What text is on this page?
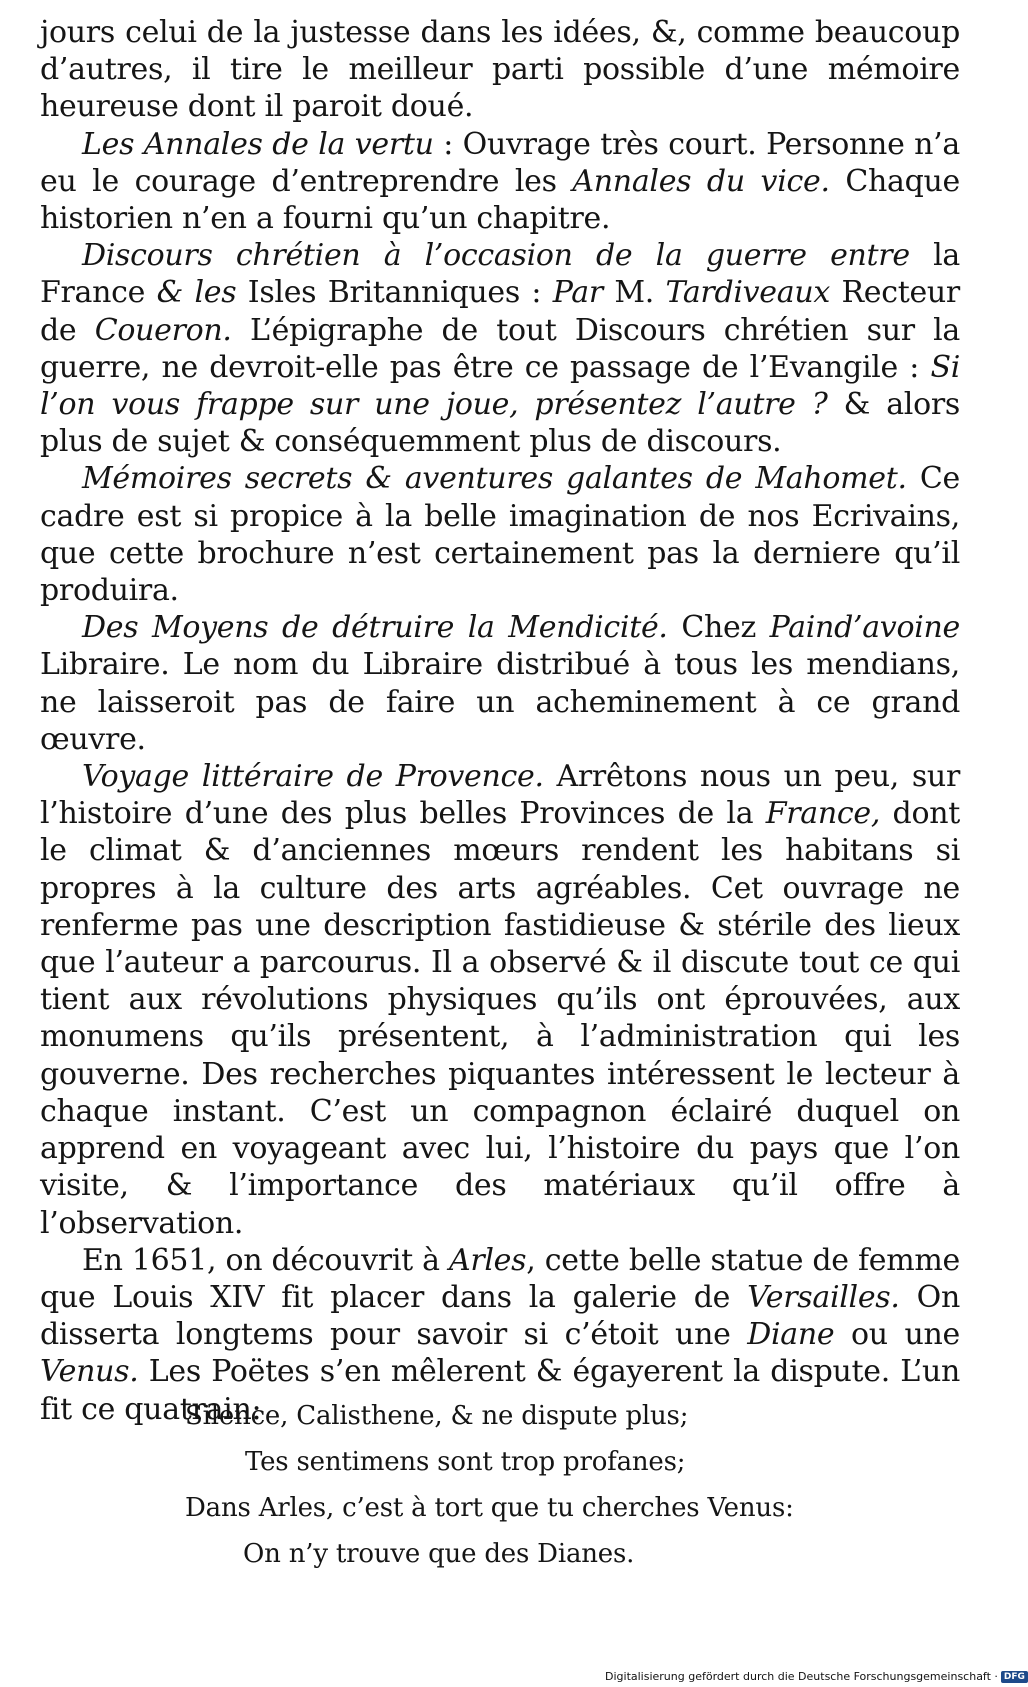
jours celui de la justesse dans les idées, &, comme beaucoup d’autres, il tire le meilleur parti possible d’une mémoire heureuse dont il paroit doué.

Les Annales de la vertu : Ouvrage très court. Personne n’a eu le courage d’entreprendre les Annales du vice. Chaque historien n’en a fourni qu’un chapitre.

Discours chrétien à l’occasion de la guerre entre la France & les Isles Britanniques : Par M. Tardiveaux Recteur de Coueron. L’épigraphe de tout Discours chrétien sur la guerre, ne devroit-elle pas être ce passage de l’Evangile : Si l’on vous frappe sur une joue, présentez l’autre ? & alors plus de sujet & conséquemment plus de discours.

Mémoires secrets & aventures galantes de Mahomet. Ce cadre est si propice à la belle imagination de nos Ecrivains, que cette brochure n’est certainement pas la derniere qu’il produira.

Des Moyens de détruire la Mendicité. Chez Paind’avoine Libraire. Le nom du Libraire distribué à tous les mendians, ne laisseroit pas de faire un acheminement à ce grand œuvre.

Voyage littéraire de Provence. Arrêtons nous un peu, sur l’histoire d’une des plus belles Provinces de la France, dont le climat & d’anciennes mœurs rendent les habitans si propres à la culture des arts agréables. Cet ouvrage ne renferme pas une description fastidieuse & stérile des lieux que l’auteur a parcourus. Il a observé & il discute tout ce qui tient aux révolutions physiques qu’ils ont éprouvées, aux monumens qu’ils présentent, à l’administration qui les gouverne. Des recherches piquantes intéressent le lecteur à chaque instant. C’est un compagnon éclairé duquel on apprend en voyageant avec lui, l’histoire du pays que l’on visite, & l’importance des matériaux qu’il offre à l’observation.

En 1651, on découvrit à Arles, cette belle statue de femme que Louis XIV fit placer dans la galerie de Versailles. On disserta longtems pour savoir si c’étoit une Diane ou une Venus. Les Poëtes s’en mêlerent & égayerent la dispute. L’un fit ce quatrain:

Silence, Calisthene, & ne dispute plus;

Tes sentimens sont trop profanes;

Dans Arles, c’est à tort que tu cherches Venus:

On n’y trouve que des Dianes.

Digitalisierung gefördert durch die Deutsche Forschungsgemeinschaft · DFG
